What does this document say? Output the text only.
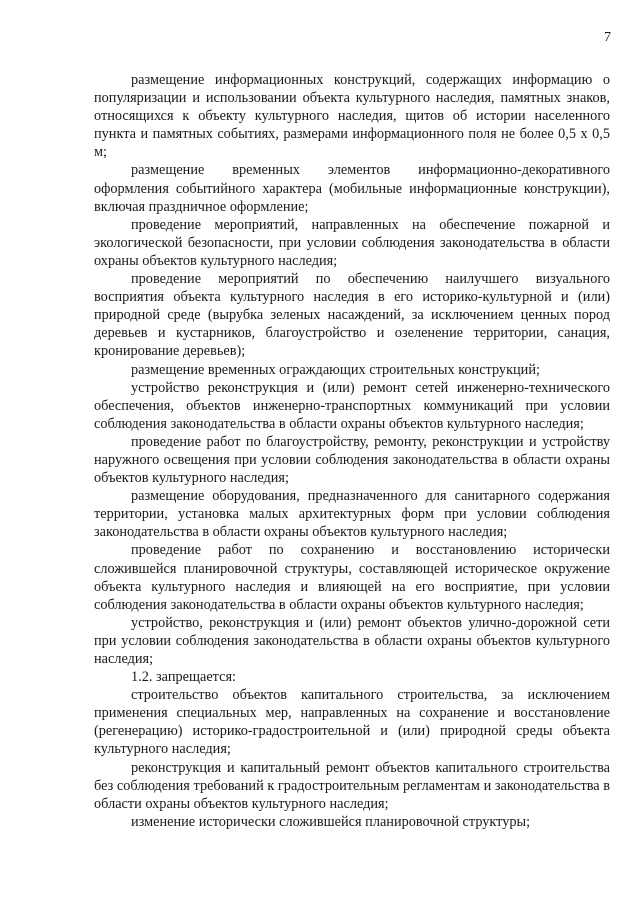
7

размещение информационных конструкций, содержащих информацию о популяризации и использовании объекта культурного наследия, памятных знаков, относящихся к объекту культурного наследия, щитов об истории населенного пункта и памятных событиях, размерами информационного поля не более 0,5 х 0,5 м;

размещение временных элементов информационно-декоративного оформления событийного характера (мобильные информационные конструкции), включая праздничное оформление;

проведение мероприятий, направленных на обеспечение пожарной и экологической безопасности, при условии соблюдения законодательства в области охраны объектов культурного наследия;

проведение мероприятий по обеспечению наилучшего визуального восприятия объекта культурного наследия в его историко-культурной и (или) природной среде (вырубка зеленых насаждений, за исключением ценных пород деревьев и кустарников, благоустройство и озеленение территории, санация, кронирование деревьев);

размещение временных ограждающих строительных конструкций;

устройство реконструкция и (или) ремонт сетей инженерно-технического обеспечения, объектов инженерно-транспортных коммуникаций при условии соблюдения законодательства в области охраны объектов культурного наследия;

проведение работ по благоустройству, ремонту, реконструкции и устройству наружного освещения при условии соблюдения законодательства в области охраны объектов культурного наследия;

размещение оборудования, предназначенного для санитарного содержания территории, установка малых архитектурных форм при условии соблюдения законодательства в области охраны объектов культурного наследия;

проведение работ по сохранению и восстановлению исторически сложившейся планировочной структуры, составляющей историческое окружение объекта культурного наследия и влияющей на его восприятие, при условии соблюдения законодательства в области охраны объектов культурного наследия;

устройство, реконструкция и (или) ремонт объектов улично-дорожной сети при условии соблюдения законодательства в области охраны объектов культурного наследия;

1.2. запрещается:

строительство объектов капитального строительства, за исключением применения специальных мер, направленных на сохранение и восстановление (регенерацию) историко-градостроительной и (или) природной среды объекта культурного наследия;

реконструкция и капитальный ремонт объектов капитального строительства без соблюдения требований к градостроительным регламентам и законодательства в области охраны объектов культурного наследия;

изменение исторически сложившейся планировочной структуры;
